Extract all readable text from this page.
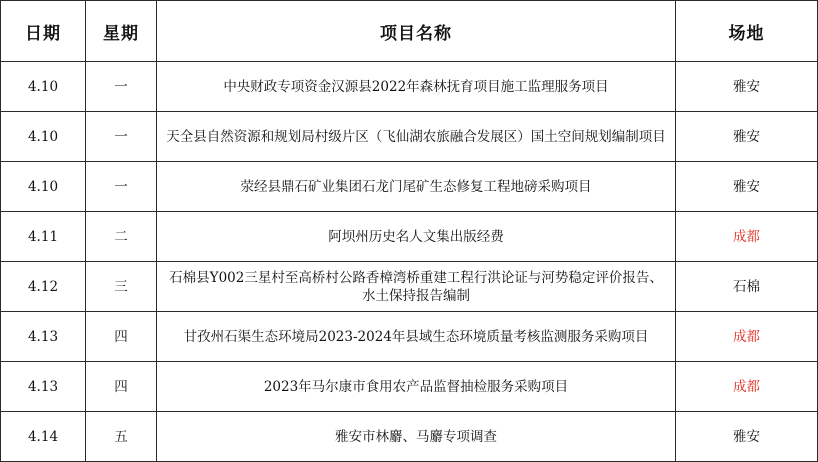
日期	星期	项目名称	场地
4.10	一	中央财政专项资金汉源县2022年森林抚育项目施工监理服务项目	雅安
4.10	一	天全县自然资源和规划局村级片区（飞仙湖农旅融合发展区）国土空间规划编制项目	雅安
4.10	一	荥经县鼎石矿业集团石龙门尾矿生态修复工程地磅采购项目	雅安
4.11	二	阿坝州历史名人文集出版经费	成都
4.12	三	石棉县Y002三星村至高桥村公路香樟湾桥重建工程行洪论证与河势稳定评价报告、水土保持报告编制	石棉
4.13	四	甘孜州石渠生态环境局2023-2024年县域生态环境质量考核监测服务采购项目	成都
4.13	四	2023年马尔康市食用农产品监督抽检服务采购项目	成都
4.14	五	雅安市林麝、马麝专项调查	雅安
